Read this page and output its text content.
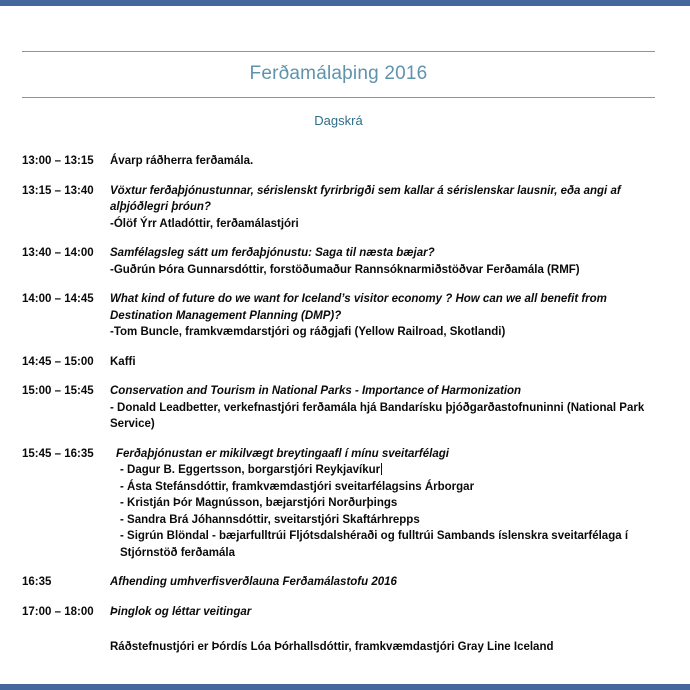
Ferðamálaþing 2016
Dagskrá
13:00 – 13:15	Ávarp ráðherra ferðamála.
13:15 – 13:40	Vöxtur ferðaþjónustunnar, sérislenskt fyrirbrigði sem kallar á sérislenskar lausnir, eða angi af alþjóðlegri þróun?
-Ólöf Ýrr Atladóttir, ferðamálastjóri
13:40 – 14:00	Samfélagsleg sátt um ferðaþjónustu: Saga til næsta bæjar?
-Guðrún Þóra Gunnarsdóttir, forstöðumaður Rannsóknarmiðstöðvar Ferðamála (RMF)
14:00 – 14:45	What kind of future do we want for Iceland’s visitor economy ? How can we all benefit from Destination Management Planning (DMP)?
-Tom Buncle, framkvæmdarstjóri og ráðgjafi (Yellow Railroad, Skotlandi)
14:45 – 15:00	Kaffi
15:00 – 15:45	Conservation and Tourism in National Parks - Importance of Harmonization
- Donald Leadbetter, verkefnastjóri ferðamála hjá Bandarísku þjóðgarðastofnuninni (National Park Service)
15:45 – 16:35	Ferðaþjónustan er mikilvægt breytingaafl í mínu sveitarfélagi
- Dagur B. Eggertsson, borgarstjóri Reykjavíkur
- Ásta Stefánsdóttir, framkvæmdastjóri sveitarfélagsins Árborgar
- Kristján Þór Magnússon, bæjarstjóri Norðurþings
- Sandra Brá Jóhannsdóttir, sveitarstjóri Skaftárhrepps
- Sigrún Blöndal - bæjarfulltrúi Fljótsdalshéraði og fulltrúi Sambands íslenskra sveitarfélaga í Stjórnstöð ferðamála
16:35	Afhending umhverfisverðlauna Ferðamálastofu 2016
17:00 – 18:00	Þinglok og léttar veitingar
Ráðstefnustjóri er Þórdís Lóa Þórhallsdóttir, framkvæmdastjóri Gray Line Iceland
